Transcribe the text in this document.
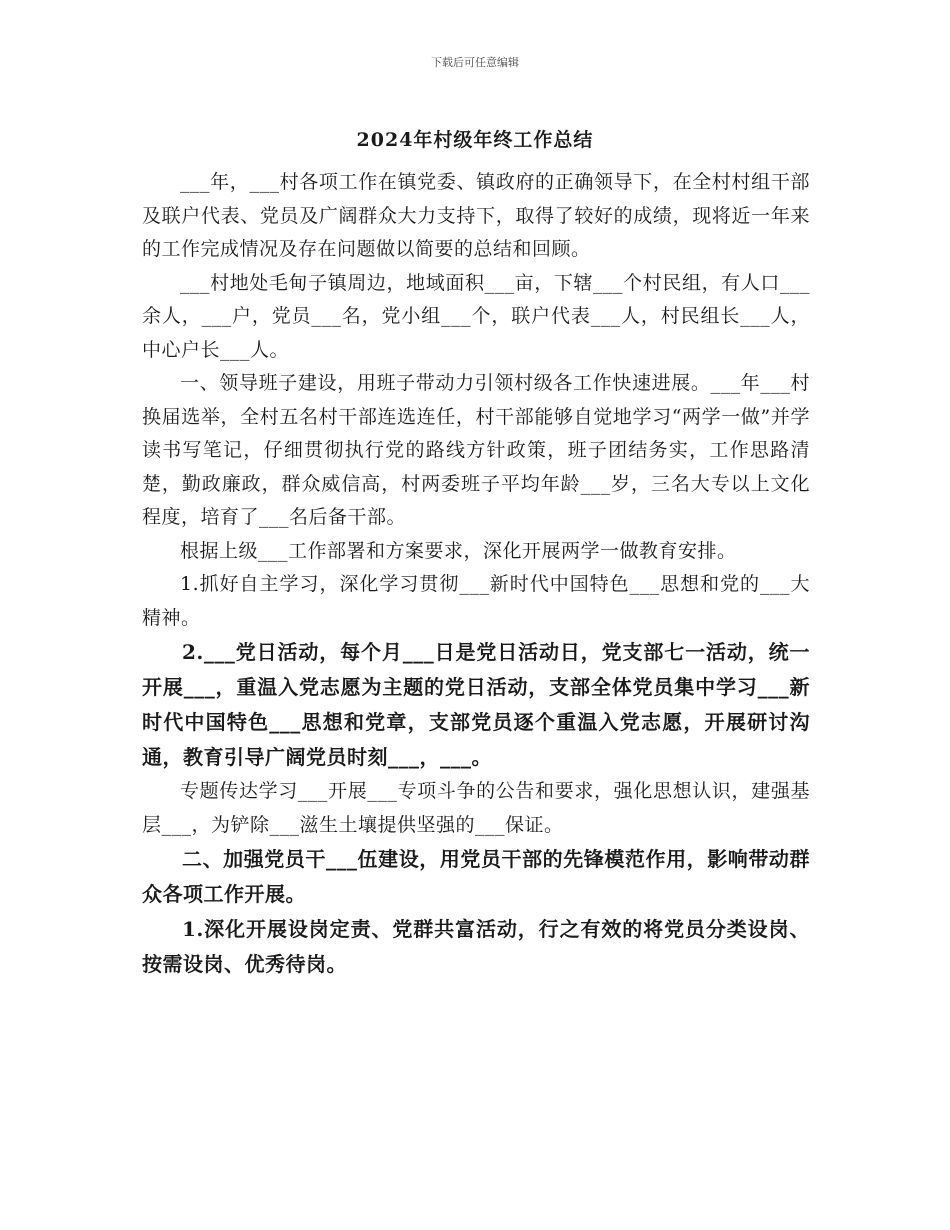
下载后可任意编辑
2024年村级年终工作总结

___年，___村各项工作在镇党委、镇政府的正确领导下，在全村村组干部及联户代表、党员及广阔群众大力支持下，取得了较好的成绩，现将近一年来的工作完成情况及存在问题做以简要的总结和回顾。

___村地处毛甸子镇周边，地域面积___亩，下辖___个村民组，有人口___余人，___户，党员___名，党小组___个，联户代表___人，村民组长___人，中心户长___人。

一、领导班子建设，用班子带动力引领村级各工作快速进展。___年___村换届选举，全村五名村干部连选连任，村干部能够自觉地学习“两学一做”并学读书写笔记，仔细贯彻执行党的路线方针政策，班子团结务实，工作思路清楚，勤政廉政，群众威信高，村两委班子平均年龄___岁，三名大专以上文化程度，培育了___名后备干部。

根据上级___工作部署和方案要求，深化开展两学一做教育安排。

1.抓好自主学习，深化学习贯彻___新时代中国特色___思想和党的___大精神。

2.___党日活动，每个月___日是党日活动日，党支部七一活动，统一开展___，重温入党志愿为主题的党日活动，支部全体党员集中学习___新时代中国特色___思想和党章，支部党员逐个重温入党志愿，开展研讨沟通，教育引导广阔党员时刻___，___。

专题传达学习___开展___专项斗争的公告和要求，强化思想认识，建强基层___，为铲除___滋生土壤提供坚强的___保证。

二、加强党员干___伍建设，用党员干部的先锋模范作用，影响带动群众各项工作开展。

1.深化开展设岗定责、党群共富活动，行之有效的将党员分类设岗、按需设岗、优秀待岗。
